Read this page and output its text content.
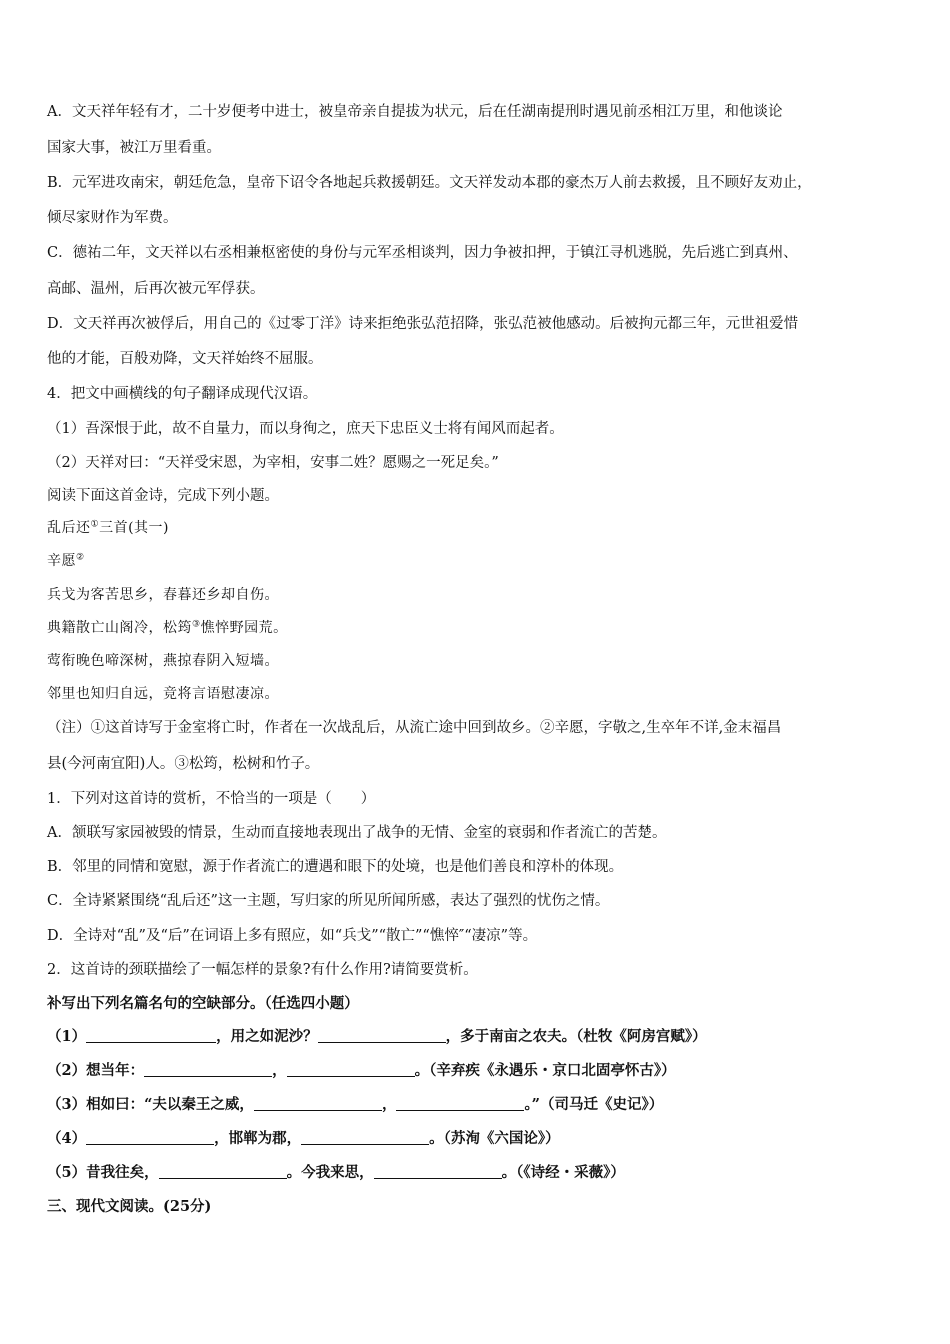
A．文天祥年轻有才，二十岁便考中进士，被皇帝亲自提拔为状元，后在任湖南提刑时遇见前丞相江万里，和他谈论
国家大事，被江万里看重。
B．元军进攻南宋，朝廷危急，皇帝下诏令各地起兵救援朝廷。文天祥发动本郡的豪杰万人前去救援，且不顾好友劝止，
倾尽家财作为军费。
C．德祐二年，文天祥以右丞相兼枢密使的身份与元军丞相谈判，因力争被扣押，于镇江寻机逃脱，先后逃亡到真州、
高邮、温州，后再次被元军俘获。
D．文天祥再次被俘后，用自己的《过零丁洋》诗来拒绝张弘范招降，张弘范被他感动。后被拘元都三年，元世祖爱惜
他的才能，百般劝降，文天祥始终不屈服。
4．把文中画横线的句子翻译成现代汉语。
（1）吾深恨于此，故不自量力，而以身徇之，庶天下忠臣义士将有闻风而起者。
（2）天祥对曰：“天祥受宋恩，为宰相，安事二姓？愿赐之一死足矣。”
阅读下面这首金诗，完成下列小题。
乱后还①三首(其一)
辛愿②
兵戈为客苦思乡，春暮还乡却自伤。
典籍散亡山阁冷，松筠③憔悴野园荒。
莺衔晚色啼深树，燕掠春阴入短墙。
邻里也知归自远，竞将言语慰凄凉。
（注）①这首诗写于金室将亡时，作者在一次战乱后，从流亡途中回到故乡。②辛愿，字敬之,生卒年不详,金末福昌
县(今河南宜阳)人。③松筠，松树和竹子。
1．下列对这首诗的赏析，不恰当的一项是（　　）
A．颔联写家园被毁的情景，生动而直接地表现出了战争的无情、金室的衰弱和作者流亡的苦楚。
B．邻里的同情和宽慰，源于作者流亡的遭遇和眼下的处境，也是他们善良和淳朴的体现。
C．全诗紧紧围绕“乱后还”这一主题，写归家的所见所闻所感，表达了强烈的忧伤之情。
D．全诗对“乱”及“后”在词语上多有照应，如“兵戈”“散亡”“憔悴″“凄凉”等。
2．这首诗的颈联描绘了一幅怎样的景象?有什么作用?请简要赏析。
补写出下列名篇名句的空缺部分。（任选四小题）
（1）	，用之如泥沙？	，多于南亩之农夫。（杜牧《阿房宫赋》）
（2）想当年：	，	。（辛弃疾《永遇乐・京口北固亭怀古》）
（3）相如曰：“夫以秦王之威，	，	。”（司马迁《史记》）
（4）	，邯郸为郡，	。（苏洵《六国论》）
（5）昔我往矣，	。今我来思，	。（《诗经・采薇》）
三、现代文阅读。(25分)
